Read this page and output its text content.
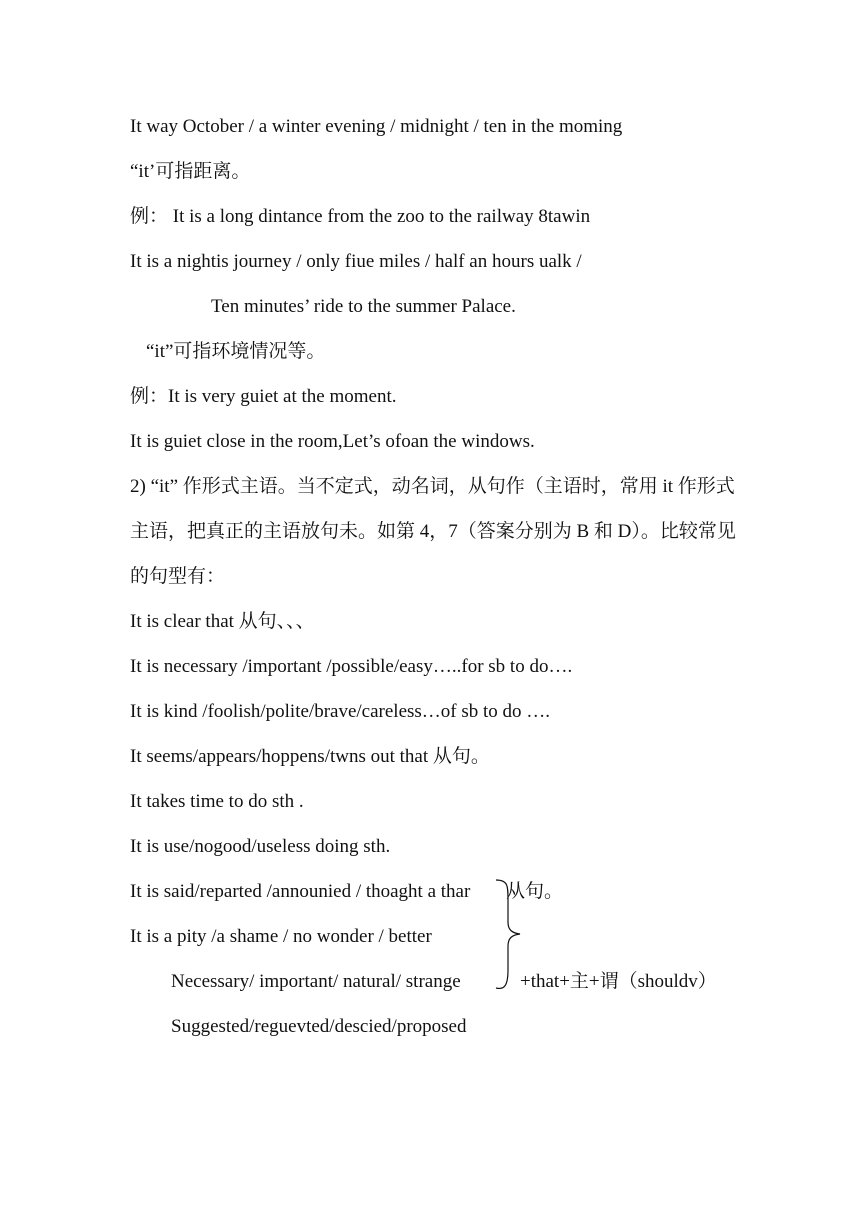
It way October / a winter evening / midnight / ten in the moming
“it’可指距离。
例： It is a long dintance from the zoo to the railway 8tawin
It is a nightis journey / only fiue miles / half an hours ualk /
Ten minutes’ ride to the summer Palace.
“it”可指环境情况等。
例：It is very guiet at the moment.
It is guiet close in the room,Let’s ofoan the windows.
2) “it” 作形式主语。当不定式，动名词，从句作（主语时，常用 it 作形式
主语，把真正的主语放句未。如第 4，7（答案分别为 B 和 D）。比较常见
的句型有：
It is clear that 从句、、、
It is necessary /important /possible/easy…..for sb to do….
It is kind /foolish/polite/brave/careless…of sb to do ….
It seems/appears/hoppens/twns out that 从句。
It takes time to do sth .
It is use/nogood/useless doing sth.
It is said/reparted /announied / thoaght a thar 从句。
It is a pity /a shame / no wonder / better
Necessary/ important/ natural/ strange	+that+主+谓（shouldv）
Suggested/reguevted/descied/proposed
